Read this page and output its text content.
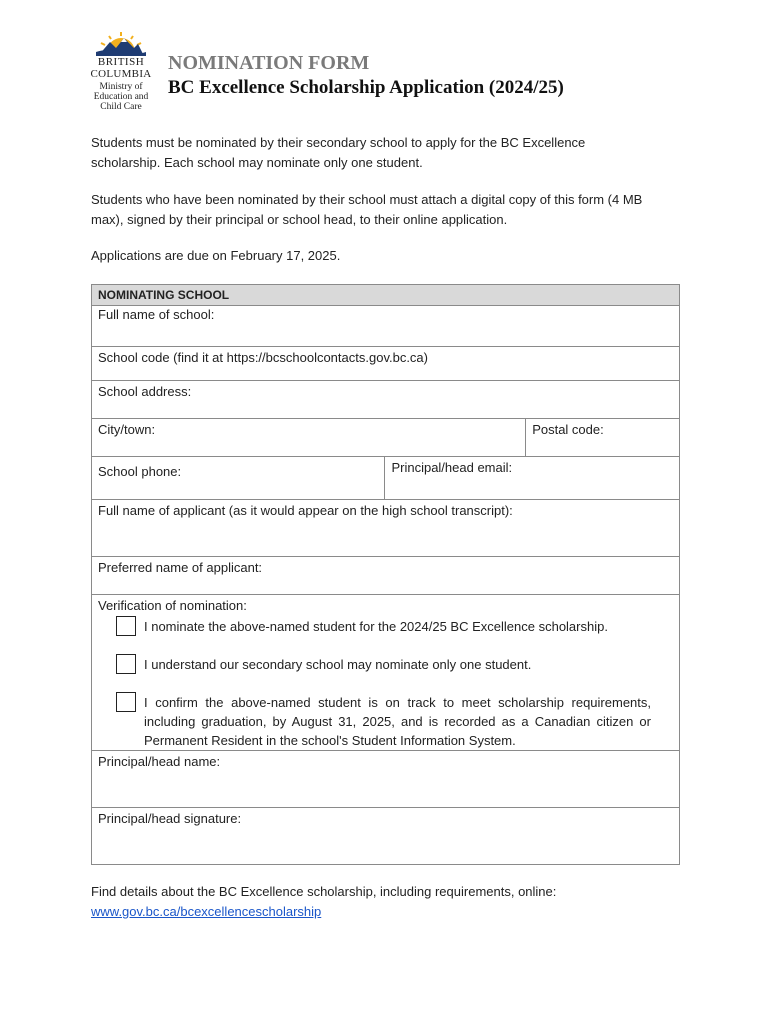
BRITISH
COLUMBIA
Ministry of
Education and
Child Care
NOMINATION FORM
BC Excellence Scholarship Application (2024/25)
Students must be nominated by their secondary school to apply for the BC Excellence scholarship. Each school may nominate only one student.
Students who have been nominated by their school must attach a digital copy of this form (4 MB max), signed by their principal or school head, to their online application.
Applications are due on February 17, 2025.
NOMINATING SCHOOL		

Full name of school:		

School code (find it at https://bcschoolcontacts.gov.bc.ca)		

School address:		

City/town:		Postal code:

School phone:	Principal/head email:	

Full name of applicant (as it would appear on the high school transcript):		

Preferred name of applicant:		

Verification of nomination:
I nominate the above-named student for the 2024/25 BC Excellence scholarship.
I understand our secondary school may nominate only one student.
I confirm the above-named student is on track to meet scholarship requirements, including graduation, by August 31, 2025, and is recorded as a Canadian citizen or Permanent Resident in the school's Student Information System.		

Principal/head name:		

Principal/head signature:		
Find details about the BC Excellence scholarship, including requirements, online:
www.gov.bc.ca/bcexcellencescholarship
